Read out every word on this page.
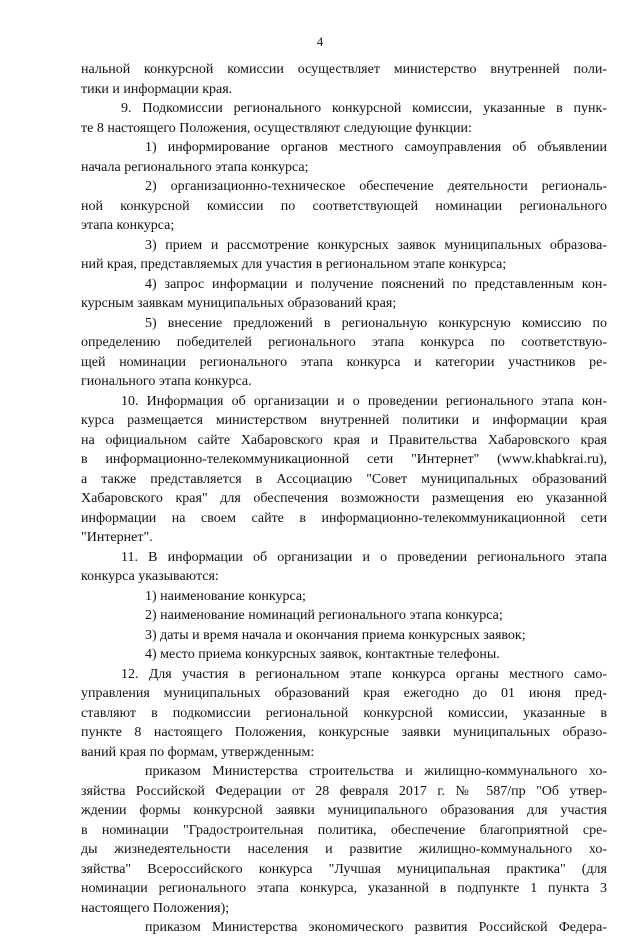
4
нальной конкурсной комиссии осуществляет министерство внутренней поли-
тики и информации края.
9. Подкомиссии регионального конкурсной комиссии, указанные в пунк-
те 8 настоящего Положения, осуществляют следующие функции:
1) информирование органов местного самоуправления об объявлении
начала регионального этапа конкурса;
2) организационно-техническое обеспечение деятельности региональ-
ной конкурсной комиссии по соответствующей номинации регионального
этапа конкурса;
3) прием и рассмотрение конкурсных заявок муниципальных образова-
ний края, представляемых для участия в региональном этапе конкурса;
4) запрос информации и получение пояснений по представленным кон-
курсным заявкам муниципальных образований края;
5) внесение предложений в региональную конкурсную комиссию по
определению победителей регионального этапа конкурса по соответствую-
щей номинации регионального этапа конкурса и категории участников ре-
гионального этапа конкурса.
10. Информация об организации и о проведении регионального этапа кон-
курса размещается министерством внутренней политики и информации края
на официальном сайте Хабаровского края и Правительства Хабаровского края
в информационно-телекоммуникационной сети "Интернет" (www.khabkrai.ru),
а также представляется в Ассоциацию "Совет муниципальных образований
Хабаровского края" для обеспечения возможности размещения ею указанной
информации на своем сайте в информационно-телекоммуникационной сети
"Интернет".
11. В информации об организации и о проведении регионального этапа
конкурса указываются:
1) наименование конкурса;
2) наименование номинаций регионального этапа конкурса;
3) даты и время начала и окончания приема конкурсных заявок;
4) место приема конкурсных заявок, контактные телефоны.
12. Для участия в региональном этапе конкурса органы местного само-
управления муниципальных образований края ежегодно до 01 июня пред-
ставляют в подкомиссии региональной конкурсной комиссии, указанные в
пункте 8 настоящего Положения, конкурсные заявки муниципальных образо-
ваний края по формам, утвержденным:
приказом Министерства строительства и жилищно-коммунального хо-
зяйства Российской Федерации от 28 февраля 2017 г. № 587/пр "Об утвер-
ждении формы конкурсной заявки муниципального образования для участия
в номинации "Градостроительная политика, обеспечение благоприятной сре-
ды жизнедеятельности населения и развитие жилищно-коммунального хо-
зяйства" Всероссийского конкурса "Лучшая муниципальная практика" (для
номинации регионального этапа конкурса, указанной в подпункте 1 пункта 3
настоящего Положения);
приказом Министерства экономического развития Российской Федера-
